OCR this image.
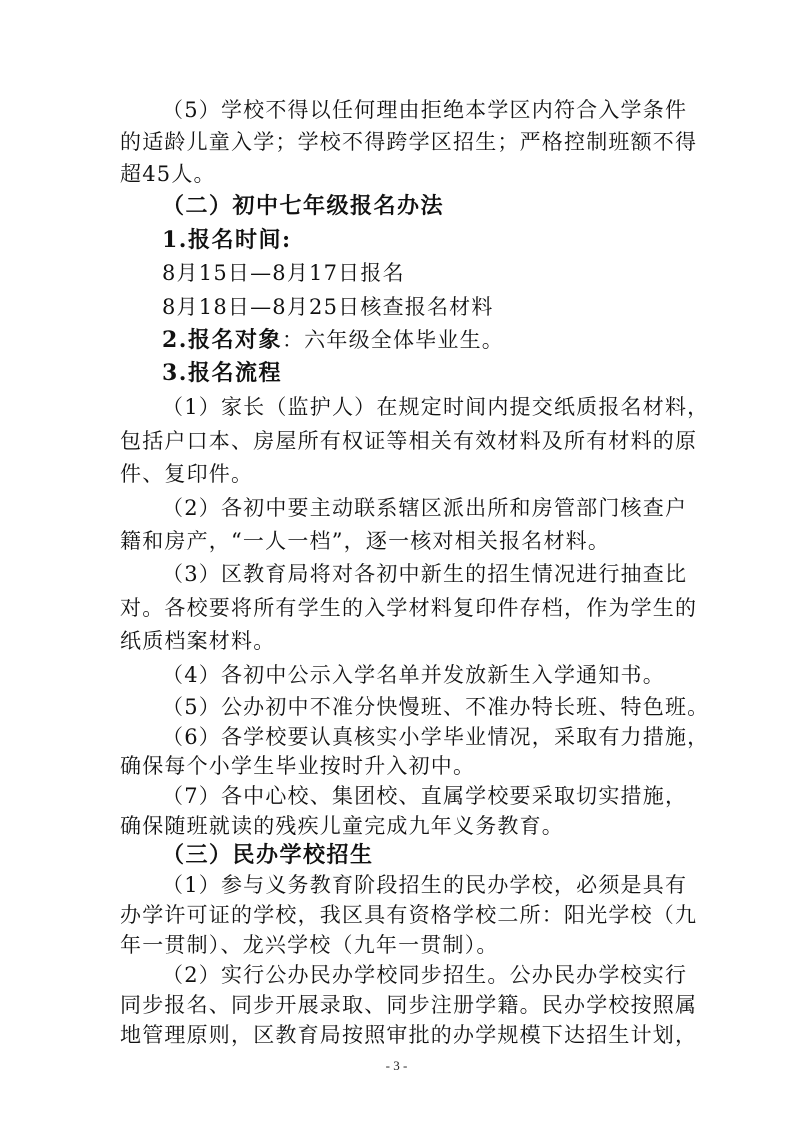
（5）学校不得以任何理由拒绝本学区内符合入学条件
的适龄儿童入学；学校不得跨学区招生；严格控制班额不得
超45人。
（二）初中七年级报名办法
1.报名时间:
8月15日—8月17日报名
8月18日—8月25日核查报名材料
2.报名对象：六年级全体毕业生。
3.报名流程
（1）家长（监护人）在规定时间内提交纸质报名材料，
包括户口本、房屋所有权证等相关有效材料及所有材料的原
件、复印件。
（2）各初中要主动联系辖区派出所和房管部门核查户
籍和房产，“一人一档”，逐一核对相关报名材料。
（3）区教育局将对各初中新生的招生情况进行抽查比
对。各校要将所有学生的入学材料复印件存档，作为学生的
纸质档案材料。
（4）各初中公示入学名单并发放新生入学通知书。
（5）公办初中不准分快慢班、不准办特长班、特色班。
（6）各学校要认真核实小学毕业情况，采取有力措施，
确保每个小学生毕业按时升入初中。
（7）各中心校、集团校、直属学校要采取切实措施，
确保随班就读的残疾儿童完成九年义务教育。
（三）民办学校招生
（1）参与义务教育阶段招生的民办学校，必须是具有
办学许可证的学校，我区具有资格学校二所：阳光学校（九
年一贯制）、龙兴学校（九年一贯制）。
（2）实行公办民办学校同步招生。公办民办学校实行
同步报名、同步开展录取、同步注册学籍。民办学校按照属
地管理原则，区教育局按照审批的办学规模下达招生计划，
- 3 -
